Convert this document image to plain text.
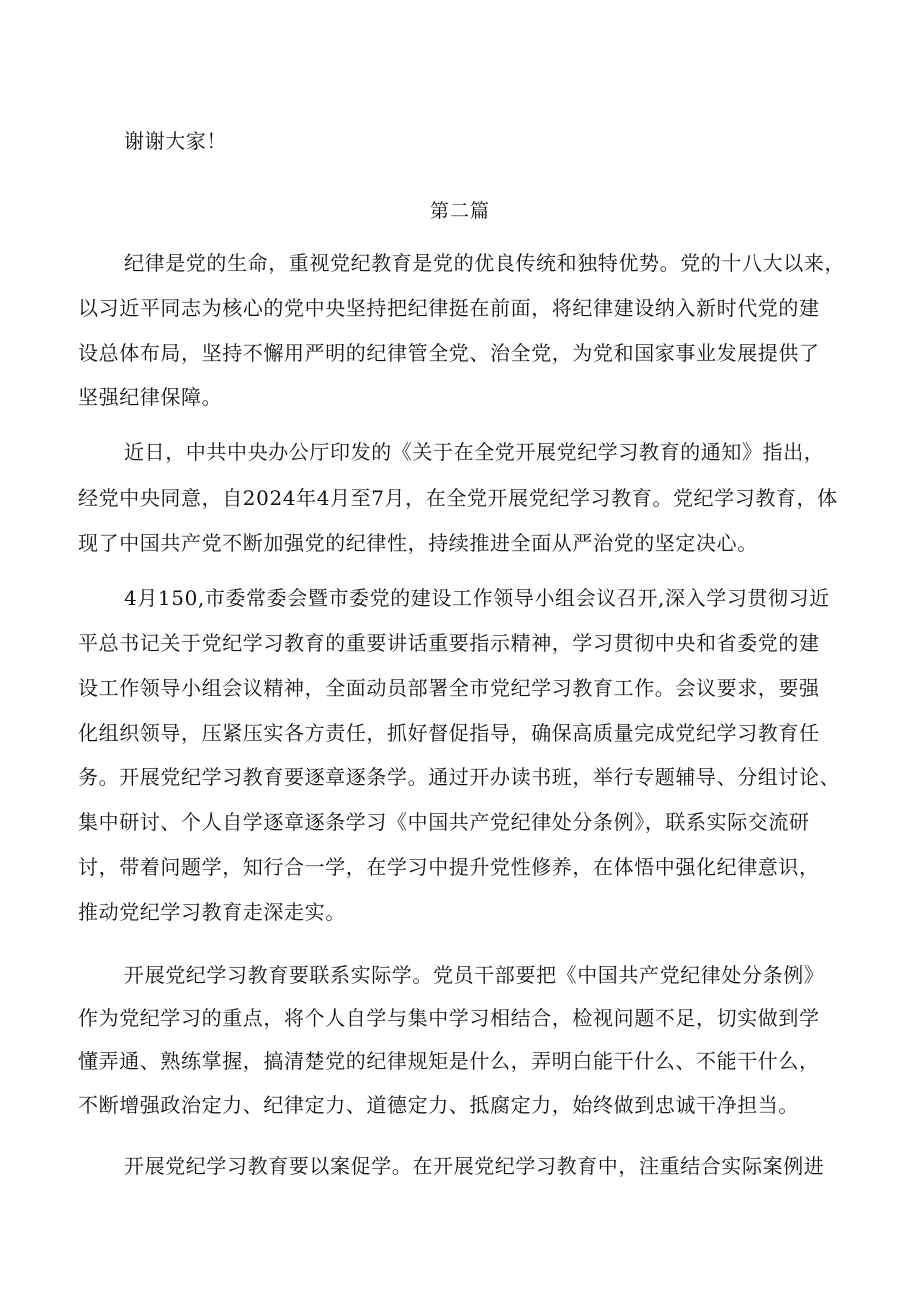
谢谢大家！
第二篇
纪律是党的生命，重视党纪教育是党的优良传统和独特优势。党的十八大以来，
以习近平同志为核心的党中央坚持把纪律挺在前面，将纪律建设纳入新时代党的建
设总体布局，坚持不懈用严明的纪律管全党、治全党，为党和国家事业发展提供了
坚强纪律保障。
近日，中共中央办公厅印发的《关于在全党开展党纪学习教育的通知》指出，
经党中央同意，自2024年4月至7月，在全党开展党纪学习教育。党纪学习教育，体
现了中国共产党不断加强党的纪律性，持续推进全面从严治党的坚定决心。
4月150,市委常委会暨市委党的建设工作领导小组会议召开,深入学习贯彻习近
平总书记关于党纪学习教育的重要讲话重要指示精神，学习贯彻中央和省委党的建
设工作领导小组会议精神，全面动员部署全市党纪学习教育工作。会议要求，要强
化组织领导，压紧压实各方责任，抓好督促指导，确保高质量完成党纪学习教育任
务。开展党纪学习教育要逐章逐条学。通过开办读书班，举行专题辅导、分组讨论、
集中研讨、个人自学逐章逐条学习《中国共产党纪律处分条例》，联系实际交流研
讨，带着问题学，知行合一学，在学习中提升党性修养，在体悟中强化纪律意识，
推动党纪学习教育走深走实。
开展党纪学习教育要联系实际学。党员干部要把《中国共产党纪律处分条例》
作为党纪学习的重点，将个人自学与集中学习相结合，检视问题不足，切实做到学
懂弄通、熟练掌握，搞清楚党的纪律规矩是什么，弄明白能干什么、不能干什么，
不断增强政治定力、纪律定力、道德定力、抵腐定力，始终做到忠诚干净担当。
开展党纪学习教育要以案促学。在开展党纪学习教育中，注重结合实际案例进
